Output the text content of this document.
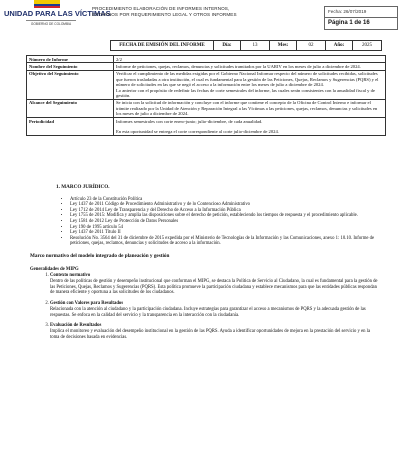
UNIDAD PARA LAS VÍCTIMAS
GOBIERNO DE COLOMBIA
PROCEDIMIENTO ELABORACIÓN DE INFORMES INTERNOS, EXTERNOS POR REQUERIMIENTO LEGAL Y OTROS INFORMES
Fecha: 26/07/2019
Página 1 de 16
FECHA DE EMISIÓN DEL INFORME	Día:	13	Mes:	02	Año:	2025
Número de Informe	2/2
Nombre del Seguimiento	Informe de peticiones, quejas, reclamos, denuncias y solicitudes tramitados por la UARIV en los meses de julio a diciembre de 2024.
Objetivo del Seguimiento	Verificar el cumplimiento de las medidas exigidas por el Gobierno Nacional Informar respecto del número de solicitudes recibidas, solicitudes que fueron trasladadas a otra institución, el cual es fundamental para la gestión de las Peticiones, Quejas, Reclamos y Sugerencias (PQRS) y el número de solicitudes en las que se negó el acceso a la información entre los meses de julio a diciembre de 2024.
Lo anterior con el propósito de redefinir las fechas de corte semestrales del informe, las cuales serán consistentes con la anualidad fiscal y de gestión.

Alcance del Seguimiento	Se inicia con la solicitud de información y concluye con el informe que contiene el concepto de la Oficina de Control Interno e informar el trámite realizado por la Unidad de Atención y Reparación Integral a las Víctimas a las peticiones, quejas, reclamos, denuncias y solicitudes en los meses de julio a diciembre de 2024.
Periodicidad	Informes semestrales con corte enero-junio; julio-diciembre, de cada anualidad.
En esta oportunidad se entrega el corte correspondiente al corte julio-diciembre de 2024.
1. MARCO JURÍDICO.
• Artículo 23 de la Constitución Política
• Ley 1437 de 2011 Código de Procedimiento Administrativo y de lo Contencioso Administrativo
• Ley 1712 de 2014 Ley de Transparencia y del Derecho de Acceso a la Información Pública
• Ley 1755 de 2015: Modifica y amplía las disposiciones sobre el derecho de petición, estableciendo los tiempos de respuesta y el procedimiento aplicable.
• Ley 1581 de 2012 Ley de Protección de Datos Personales
• Ley 190 de 1995 artículo 54
• Ley 1437 de 2011 Título II
• Resolución No. 3564 del 31 de diciembre de 2015 expedida por el Ministerio de Tecnologías de la Información y las Comunicaciones, anexo 1: 10.10. Informe de peticiones, quejas, reclamos, denuncias y solicitudes de acceso a la información.
Marco normativo del modelo integrado de planeación y gestión
Generalidades de MIPG
1. Contexto normativo
Dentro de las políticas de gestión y desempeño institucional que conforman el MIPG, se destaca la Política de Servicio al Ciudadano, la cual es fundamental para la gestión de las Peticiones, Quejas, Reclamos y Sugerencias (PQRS). Esta política promueve la participación ciudadana y establece mecanismos para que las entidades públicas respondan de manera eficiente y oportuna a las solicitudes de los ciudadanos.
2. Gestión con Valores para Resultados
Relacionada con la atención al ciudadano y la participación ciudadana. Incluye estrategias para garantizar el acceso a mecanismos de PQRS y la adecuada gestión de las respuestas. Se enfoca en la calidad del servicio y la transparencia en la interacción con la ciudadanía.
3. Evaluación de Resultados
Implica el monitoreo y evaluación del desempeño institucional en la gestión de las PQRS. Ayuda a identificar oportunidades de mejora en la prestación del servicio y en la toma de decisiones basada en evidencias.
